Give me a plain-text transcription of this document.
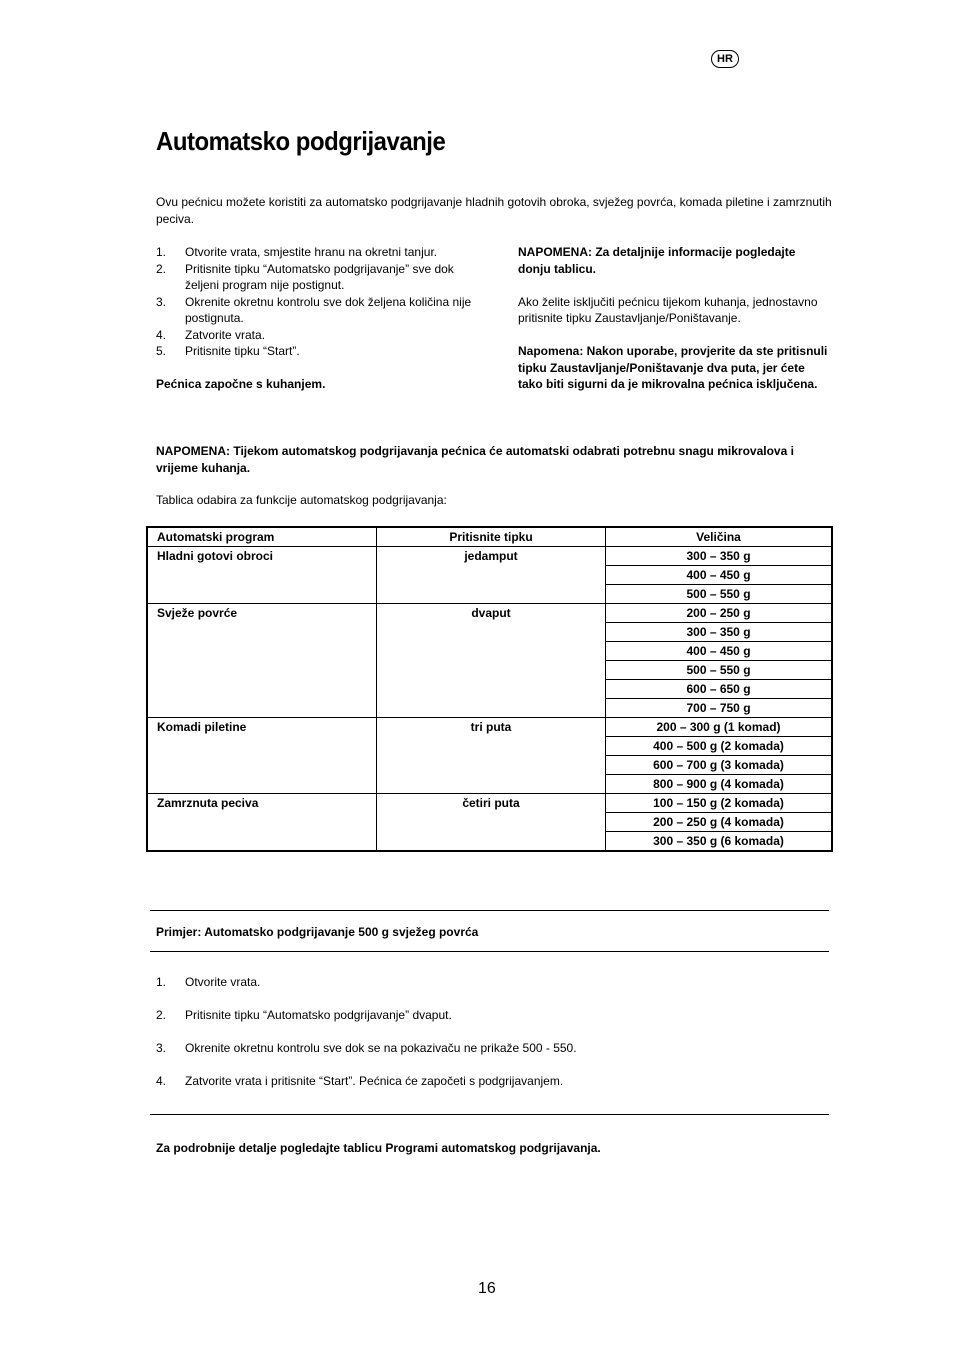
HR
Automatsko podgrijavanje
Ovu pećnicu možete koristiti za automatsko podgrijavanje hladnih gotovih obroka, svježeg povrća, komada piletine i zamrznutih peciva.
1.	Otvorite vrata, smjestite hranu na okretni tanjur.
2.	Pritisnite tipku “Automatsko podgrijavanje” sve dok željeni program nije postignut.
3.	Okrenite okretnu kontrolu sve dok željena količina nije postignuta.
4.	Zatvorite vrata.
5.	Pritisnite tipku “Start”.
Pećnica započne s kuhanjem.

NAPOMENA: Za detaljnije informacije pogledajte donju tablicu.

Ako želite isključiti pećnicu tijekom kuhanja, jednostavno pritisnite tipku Zaustavljanje/Poništavanje.

Napomena: Nakon uporabe, provjerite da ste pritisnuli tipku Zaustavljanje/Poništavanje dva puta, jer ćete tako biti sigurni da je mikrovalna pećnica isključena.

NAPOMENA: Tijekom automatskog podgrijavanja pećnica će automatski odabrati potrebnu snagu mikrovalova i vrijeme kuhanja.
Tablica odabira za funkcije automatskog podgrijavanja:
Automatski program	Pritisnite tipku	Veličina
Hladni gotovi obroci	jedamput	300 – 350 g
		400 – 450 g
		500 – 550 g
Svježe povrće	dvaput	200 – 250 g
		300 – 350 g
		400 – 450 g
		500 – 550 g
		600 – 650 g
		700 – 750 g
Komadi piletine	tri puta	200 – 300 g (1 komad)
		400 – 500 g (2 komada)
		600 – 700 g (3 komada)
		800 – 900 g (4 komada)
Zamrznuta peciva	četiri puta	100 – 150 g (2 komada)
		200 – 250 g (4 komada)
		300 – 350 g (6 komada)
Primjer: Automatsko podgrijavanje 500 g svježeg povrća
1.	Otvorite vrata.
2.	Pritisnite tipku “Automatsko podgrijavanje” dvaput.
3.	Okrenite okretnu kontrolu sve dok se na pokazivaču ne prikaže 500 - 550.
4.	Zatvorite vrata i pritisnite “Start”. Pećnica će započeti s podgrijavanjem.
Za podrobnije detalje pogledajte tablicu Programi automatskog podgrijavanja.
16
